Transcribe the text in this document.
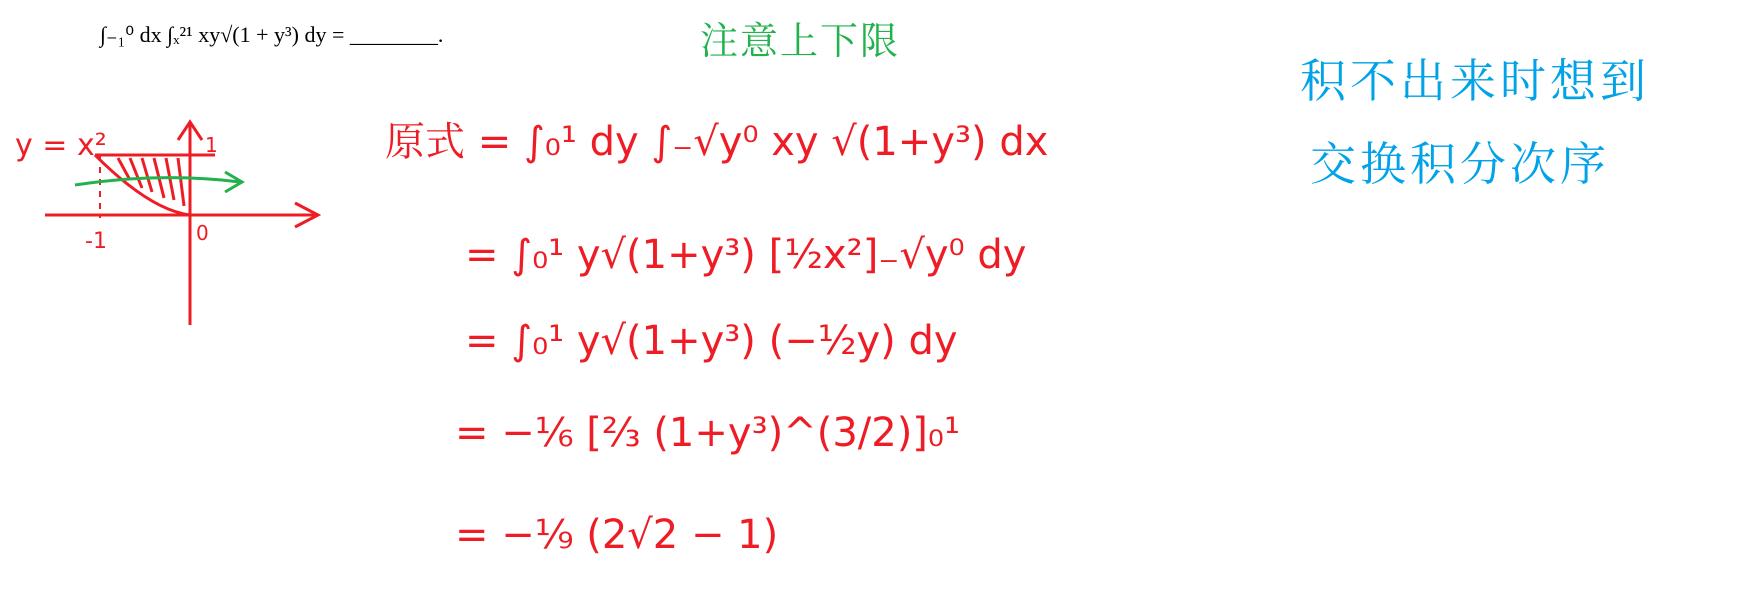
∫₋₁⁰ dx ∫ₓ²¹ xy√(1 + y³) dy = ________.	注意上下限
积不出来时想到
交换积分次序
y = x²
-1
1
0
原式 = ∫₀¹ dy ∫₋√y⁰ xy √(1+y³) dx
= ∫₀¹ y√(1+y³) [½x²]₋√y⁰ dy
= ∫₀¹ y√(1+y³) (−½y) dy
= −⅙ [⅔ (1+y³)^(3/2)]₀¹
= −⅑ (2√2 − 1)
